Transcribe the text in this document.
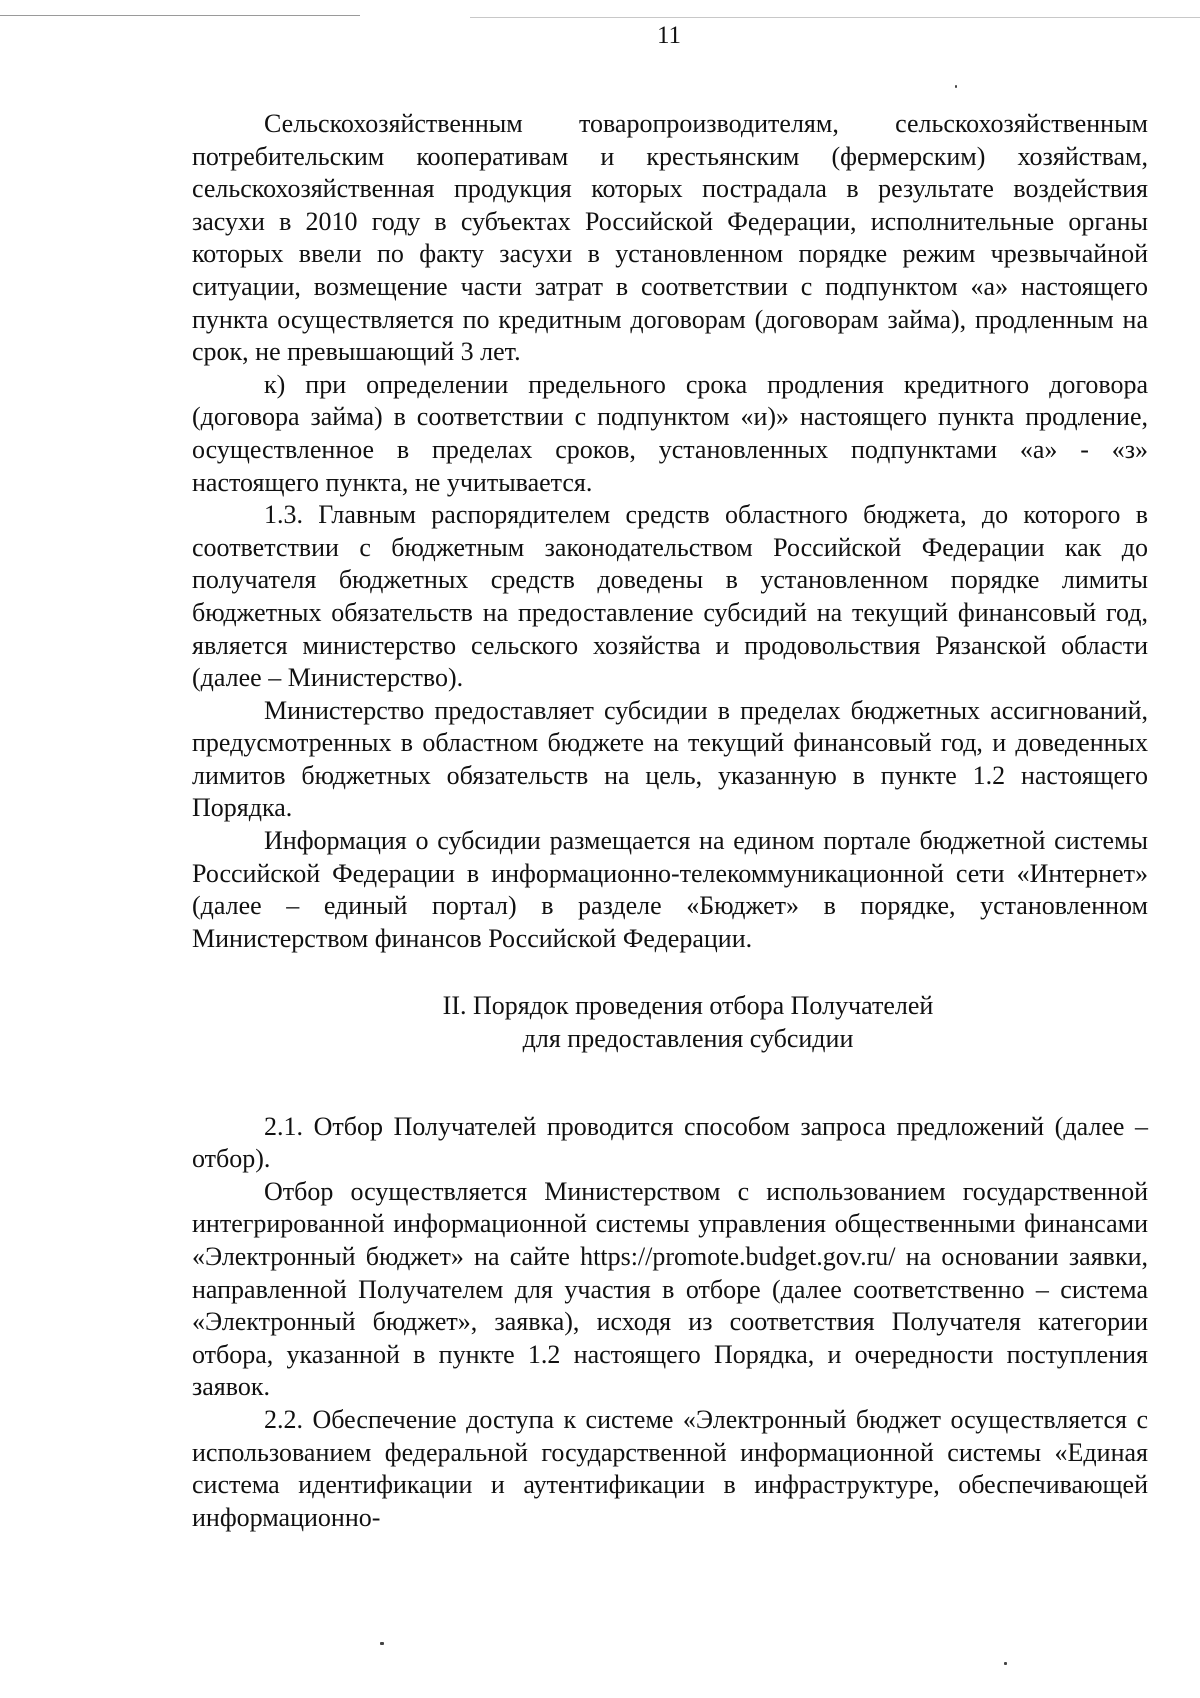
11

Сельскохозяйственным товаропроизводителям, сельскохозяйственным потребительским кооперативам и крестьянским (фермерским) хозяйствам, сельскохозяйственная продукция которых пострадала в результате воздействия засухи в 2010 году в субъектах Российской Федерации, исполнительные органы которых ввели по факту засухи в установленном порядке режим чрезвычайной ситуации, возмещение части затрат в соответствии с подпунктом «а» настоящего пункта осуществляется по кредитным договорам (договорам займа), продленным на срок, не превышающий 3 лет.

к) при определении предельного срока продления кредитного договора (договора займа) в соответствии с подпунктом «и)» настоящего пункта продление, осуществленное в пределах сроков, установленных подпунктами «а» - «з» настоящего пункта, не учитывается.

1.3. Главным распорядителем средств областного бюджета, до которого в соответствии с бюджетным законодательством Российской Федерации как до получателя бюджетных средств доведены в установленном порядке лимиты бюджетных обязательств на предоставление субсидий на текущий финансовый год, является министерство сельского хозяйства и продовольствия Рязанской области (далее – Министерство).

Министерство предоставляет субсидии в пределах бюджетных ассигнований, предусмотренных в областном бюджете на текущий финансовый год, и доведенных лимитов бюджетных обязательств на цель, указанную в пункте 1.2 настоящего Порядка.

Информация о субсидии размещается на едином портале бюджетной системы Российской Федерации в информационно-телекоммуникационной сети «Интернет» (далее – единый портал) в разделе «Бюджет» в порядке, установленном Министерством финансов Российской Федерации.

II. Порядок проведения отбора Получателей
для предоставления субсидии

2.1. Отбор Получателей проводится способом запроса предложений (далее – отбор).

Отбор осуществляется Министерством с использованием государственной интегрированной информационной системы управления общественными финансами «Электронный бюджет» на сайте https://promote.budget.gov.ru/ на основании заявки, направленной Получателем для участия в отборе (далее соответственно – система «Электронный бюджет», заявка), исходя из соответствия Получателя категории отбора, указанной в пункте 1.2 настоящего Порядка, и очередности поступления заявок.

2.2. Обеспечение доступа к системе «Электронный бюджет осуществляется с использованием федеральной государственной информационной системы «Единая система идентификации и аутентификации в инфраструктуре, обеспечивающей информационно-
